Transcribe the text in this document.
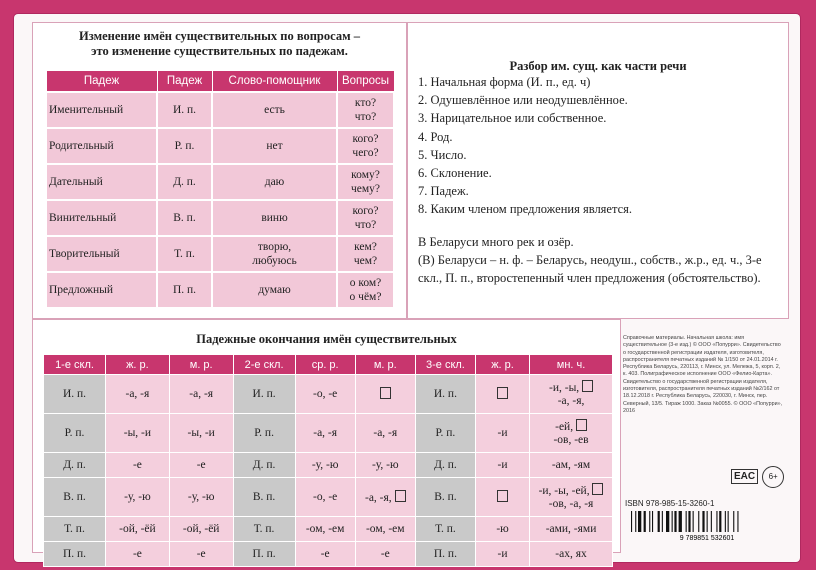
Изменение имён существительных по вопросам –
это изменение существительных по падежам.
Падеж	Падеж	Слово-помощник	Вопросы
Именительный	И. п.	есть	кто?
что?
Родительный	Р. п.	нет	кого?
чего?
Дательный	Д. п.	даю	кому?
чему?
Винительный	В. п.	виню	кого?
что?
Творительный	Т. п.	творю,
любуюсь	кем?
чем?
Предложный	П. п.	думаю	о ком?
о чём?
Разбор им. сущ. как части речи
1. Начальная форма (И. п., ед. ч)
2. Одушевлённое или неодушевлённое.
3. Нарицательное или собственное.
4. Род.
5. Число.
6. Склонение.
7. Падеж.
8. Каким членом предложения является.
В Беларуси много рек и озёр.
(В) Беларуси – н. ф. – Беларусь, неодуш., собств., ж.р., ед. ч., 3-е скл., П. п., второстепенный член предложения (обстоятельство).
Падежные окончания имён существительных
1-е скл.	ж. р.	м. р.	2-е скл.	ср. р.	м. р.	3-е скл.	ж. р.	мн. ч.
И. п.	-а, -я	-а, -я	И. п.	-о, -е		И. п.		-и, -ы,
-а, -я,
Р. п.	-ы, -и	-ы, -и	Р. п.	-а, -я	-а, -я	Р. п.	-и	-ей,
-ов, -ев
Д. п.	-е	-е	Д. п.	-у, -ю	-у, -ю	Д. п.	-и	-ам, -ям
В. п.	-у, -ю	-у, -ю	В. п.	-о, -е	-а, -я,	В. п.		-и, -ы, -ей,
-ов, -а, -я
Т. п.	-ой, -ёй	-ой, -ёй	Т. п.	-ом, -ем	-ом, -ем	Т. п.	-ю	-ами, -ями
П. п.	-е	-е	П. п.	-е	-е	П. п.	-и	-ах, ях
Справочные материалы. Начальная школа: имя существительное (3-е изд.) © ООО «Попурри». Свидетельство о государственной регистрации издателя, изготовителя, распространителя печатных изданий № 1/150 от 24.01.2014 г. Республика Беларусь, 220113, г. Минск, ул. Мележа, 5, корп. 2, к. 403. Полиграфическое исполнение ООО «Фелио-Карта». Свидетельство о государственной регистрации издателя, изготовителя, распространителя печатных изданий №2/162 от 18.12.2018 г. Республика Беларусь, 220030, г. Минск, пер. Северный, 13/5. Тираж 1000. Заказ №0055. © ООО «Попурри», 2016
EAC 6+
ISBN 978-985-15-3260-1
9 789851 532601
